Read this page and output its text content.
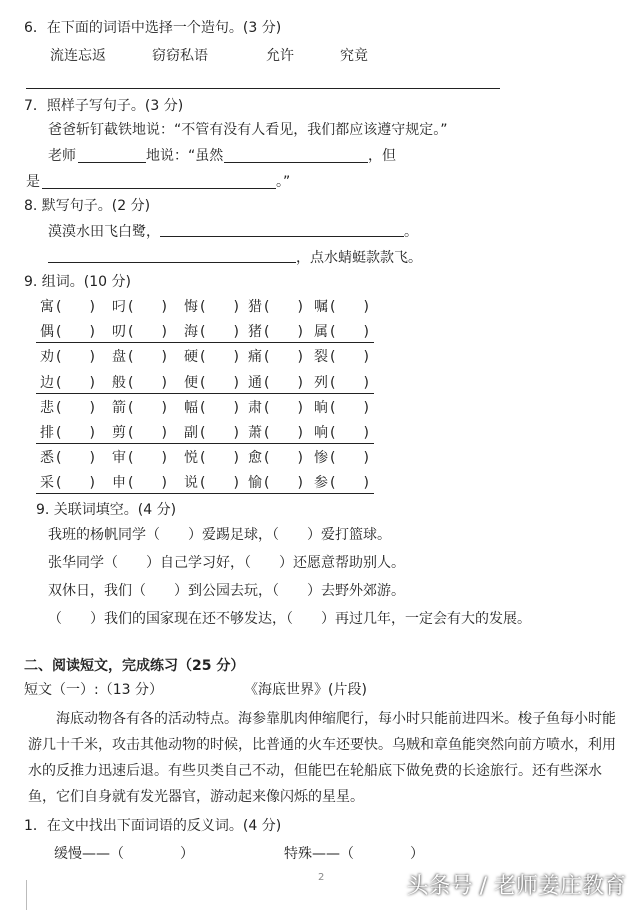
6．在下面的词语中选择一个造句。(3 分)
流连忘返	窃窃私语	允许	究竟
7．照样子写句子。(3 分)
爸爸斩钉截铁地说：“不管有没有人看见，我们都应该遵守规定。”
老师	地说：“虽然	，但
是	。”
8. 默写句子。(2 分)
漠漠水田飞白鹭，	。
，点水蜻蜓款款飞。
9. 组词。(10 分)
寓 (　　) 叼 (　　) 悔 (　　) 猎 (　　) 嘱 (　　)
偶 (　　) 叨 (　　) 海 (　　) 猪 (　　) 属 (　　)
劝 (　　) 盘 (　　) 硬 (　　) 痛 (　　) 裂 (　　)
边 (　　) 般 (　　) 便 (　　) 通 (　　) 列 (　　)
悲 (　　) 箭 (　　) 幅 (　　) 肃 (　　) 晌 (　　)
排 (　　) 剪 (　　) 副 (　　) 萧 (　　) 响 (　　)
悉 (　　) 审 (　　) 悦 (　　) 愈 (　　) 惨 (　　)
采 (　　) 申 (　　) 说 (　　) 愉 (　　) 参 (　　)
9. 关联词填空。(4 分)
我班的杨帆同学（　　）爱踢足球，（　　）爱打篮球。
张华同学（　　）自己学习好，（　　）还愿意帮助别人。
双休日，我们（　　）到公园去玩，（　　）去野外郊游。
（　　）我们的国家现在还不够发达，（　　）再过几年，一定会有大的发展。
二、阅读短文，完成练习（25 分）
短文（一）:（13 分）	《海底世界》(片段)
海底动物各有各的活动特点。海参靠肌肉伸缩爬行，每小时只能前进四米。梭子鱼每小时能游几十千米，攻击其他动物的时候，比普通的火车还要快。乌贼和章鱼能突然向前方喷水，利用水的反推力迅速后退。有些贝类自己不动，但能巴在轮船底下做免费的长途旅行。还有些深水鱼，它们自身就有发光器官，游动起来像闪烁的星星。
1．在文中找出下面词语的反义词。(4 分)
缓慢——（　　　　）	特殊——（　　　　）
2	头条号 / 老师姜庄教育
